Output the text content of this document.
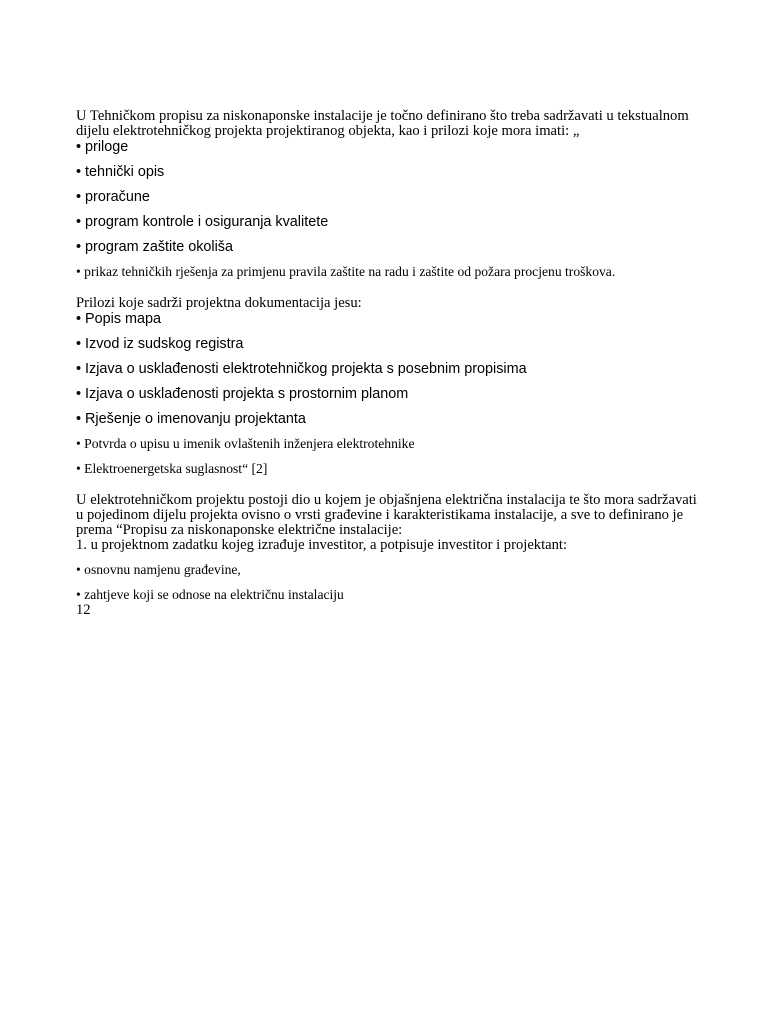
U Tehničkom propisu za niskonaponske instalacije je točno definirano što treba sadržavati u tekstualnom
dijelu elektrotehničkog projekta projektiranog objekta, kao i prilozi koje mora imati: „

• priloge

• tehnički opis

• proračune

• program kontrole i osiguranja kvalitete

• program zaštite okoliša

• prikaz tehničkih rješenja za primjenu pravila zaštite na radu i zaštite od požara procjenu troškova.

Prilozi koje sadrži projektna dokumentacija jesu:

• Popis mapa

• Izvod iz sudskog registra

• Izjava o usklađenosti elektrotehničkog projekta s posebnim propisima

• Izjava o usklađenosti projekta s prostornim planom

• Rješenje o imenovanju projektanta

• Potvrda o upisu u imenik ovlaštenih inženjera elektrotehnike

• Elektroenergetska suglasnost“ [2]

U elektrotehničkom projektu postoji dio u kojem je objašnjena električna instalacija te što mora sadržavati
u pojedinom dijelu projekta ovisno o vrsti građevine i karakteristikama instalacije, a sve to definirano je
prema “Propisu za niskonaponske električne instalacije:
1. u projektnom zadatku kojeg izrađuje investitor, a potpisuje investitor i projektant:

• osnovnu namjenu građevine,

• zahtjeve koji se odnose na električnu instalaciju

12
